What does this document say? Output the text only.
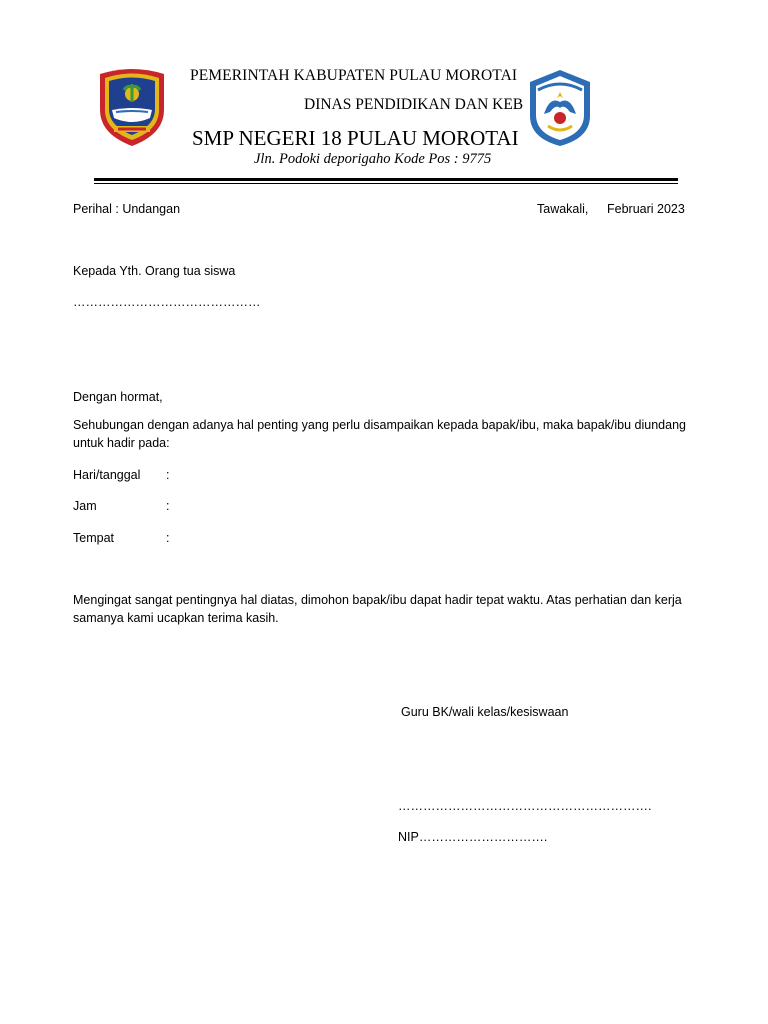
PEMERINTAH KABUPATEN PULAU MOROTAI
DINAS PENDIDIKAN DAN KEB
SMP NEGERI 18 PULAU MOROTAI
Jln. Podoki deporigaho Kode Pos : 9775
Perihal : Undangan	Tawakali, Februari 2023
Kepada Yth. Orang tua siswa
………………………………………
Dengan hormat,
Sehubungan dengan adanya hal penting yang perlu disampaikan kepada bapak/ibu, maka bapak/ibu diundang untuk hadir pada:
Hari/tanggal :
Jam	:
Tempat	:
Mengingat sangat pentingnya hal diatas, dimohon bapak/ibu dapat hadir tepat waktu. Atas perhatian dan kerja samanya kami ucapkan terima kasih.
Guru BK/wali kelas/kesiswaan
…………………………………………………….
NIP………………………….
